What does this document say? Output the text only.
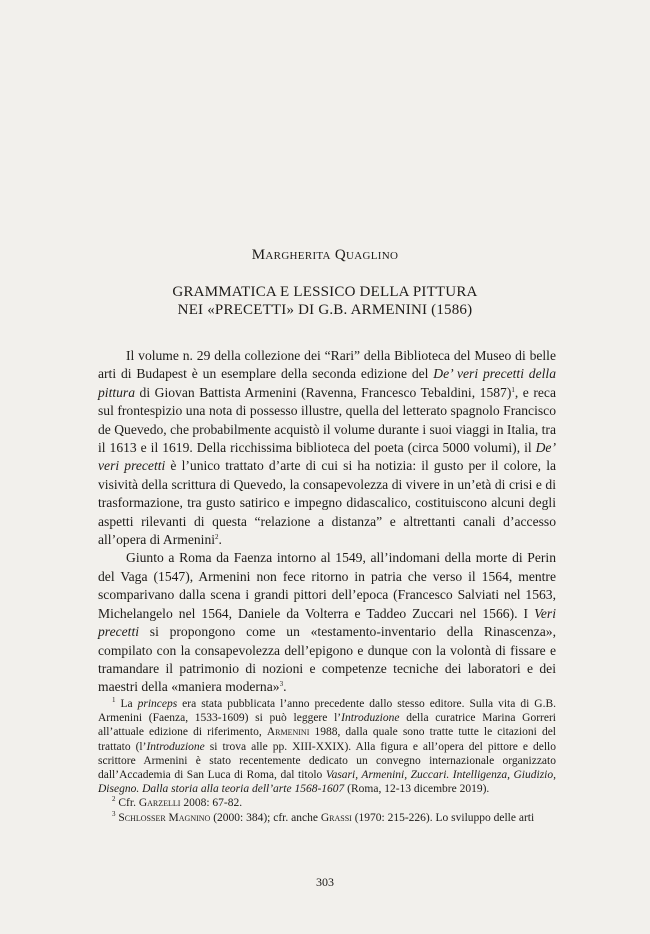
Margherita Quaglino
GRAMMATICA E LESSICO DELLA PITTURA
NEI «PRECETTI» DI G.B. ARMENINI (1586)

Il volume n. 29 della collezione dei “Rari” della Biblioteca del Museo di belle arti di Budapest è un esemplare della seconda edizione del De’ veri precetti della pittura di Giovan Battista Armenini (Ravenna, Francesco Tebaldini, 1587)$^1$, e reca sul frontespizio una nota di possesso illustre, quella del letterato spagnolo Francisco de Quevedo, che probabilmente acquistò il volume durante i suoi viaggi in Italia, tra il 1613 e il 1619. Della ricchissima biblioteca del poeta (circa 5000 volumi), il De’ veri precetti è l’unico trattato d’arte di cui si ha notizia: il gusto per il colore, la visività della scrittura di Quevedo, la consapevolezza di vivere in un’età di crisi e di trasformazione, tra gusto satirico e impegno didascalico, costituiscono alcuni degli aspetti rilevanti di questa “relazione a distanza” e altrettanti canali d’accesso all’opera di Armenini$^2$.

Giunto a Roma da Faenza intorno al 1549, all’indomani della morte di Perin del Vaga (1547), Armenini non fece ritorno in patria che verso il 1564, mentre scomparivano dalla scena i grandi pittori dell’epoca (Francesco Salviati nel 1563, Michelangelo nel 1564, Daniele da Volterra e Taddeo Zuccari nel 1566). I Veri precetti si propongono come un «testamento-inventario della Rinascenza», compilato con la consapevolezza dell’epigono e dunque con la volontà di fissare e tramandare il patrimonio di nozioni e competenze tecniche dei laboratori e dei maestri della «maniera moderna»$^3$.

$^1$ La princeps era stata pubblicata l’anno precedente dallo stesso editore. Sulla vita di G.B. Armenini (Faenza, 1533-1609) si può leggere l’Introduzione della curatrice Marina Gorreri all’attuale edizione di riferimento, Armenini 1988, dalla quale sono tratte tutte le citazioni del trattato (l’Introduzione si trova alle pp. XIII-XXIX). Alla figura e all’opera del pittore e dello scrittore Armenini è stato recentemente dedicato un convegno internazionale organizzato dall’Accademia di San Luca di Roma, dal titolo Vasari, Armenini, Zuccari. Intelligenza, Giudizio, Disegno. Dalla storia alla teoria dell’arte 1568-1607 (Roma, 12-13 dicembre 2019).

$^2$ Cfr. Garzelli 2008: 67-82.

$^3$ Schlosser Magnino (2000: 384); cfr. anche Grassi (1970: 215-226). Lo sviluppo delle arti

303
